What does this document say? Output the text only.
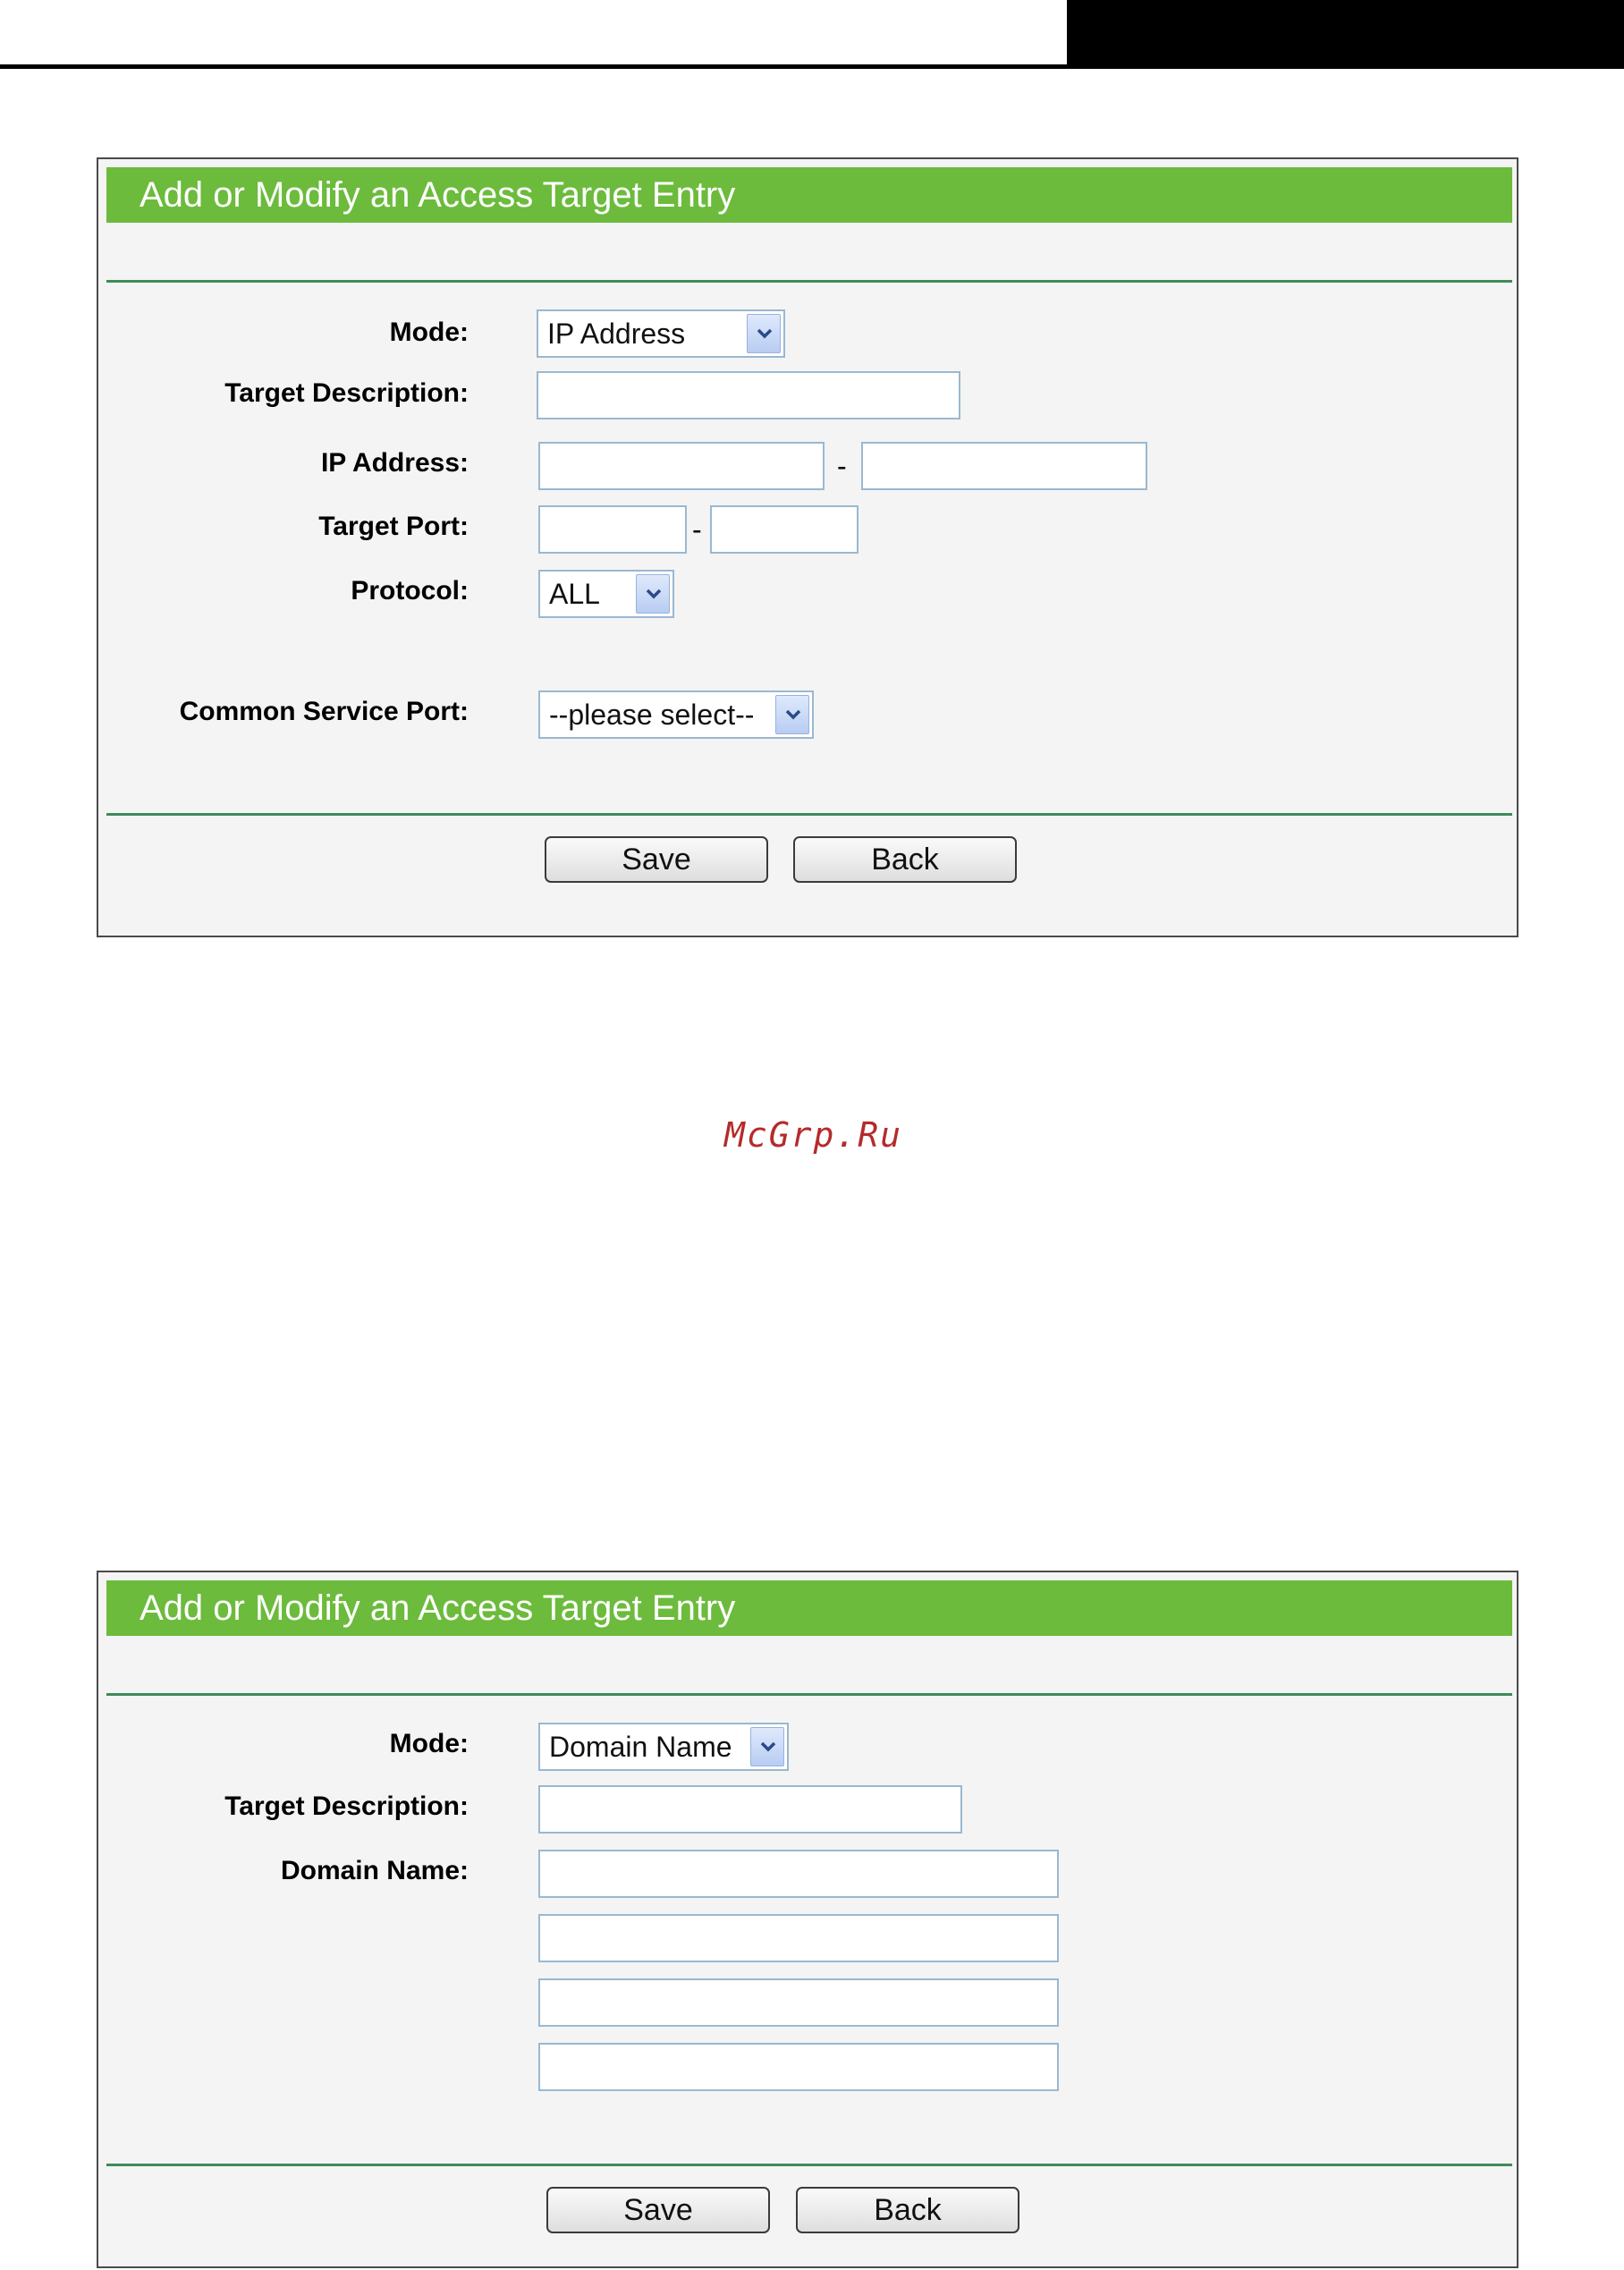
Add or Modify an Access Target Entry
Mode:	IP Address
Target Description:
IP Address:	-
Target Port:	-
Protocol:	ALL
Common Service Port:	--please select--
Save	Back
McGrp.Ru
Add or Modify an Access Target Entry
Mode:	Domain Name
Target Description:
Domain Name:
Save	Back
